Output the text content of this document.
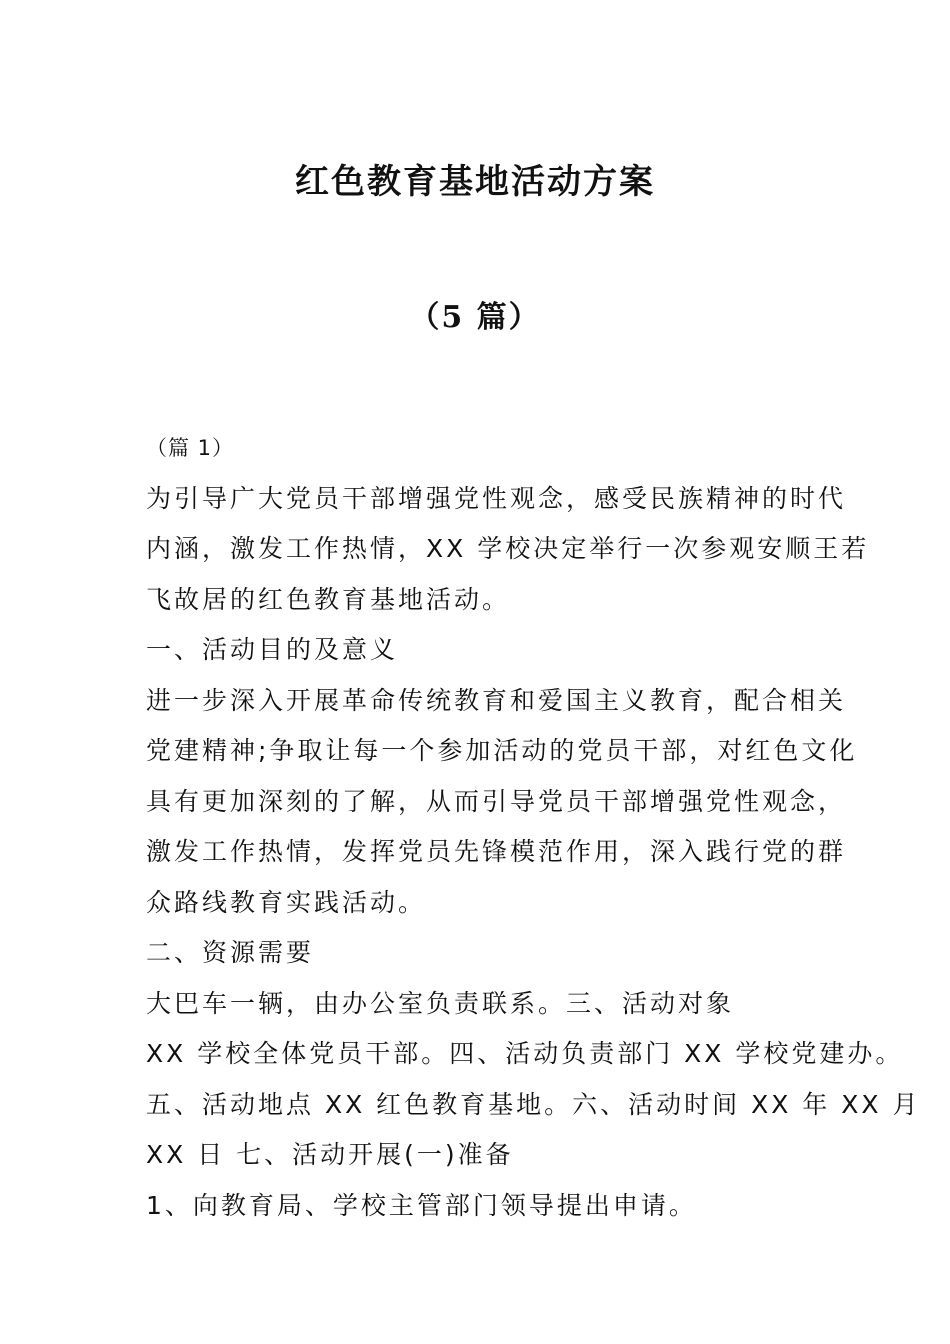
红色教育基地活动方案
（5 篇）
（篇 1）
为引导广大党员干部增强党性观念，感受民族精神的时代
内涵，激发工作热情，XX 学校决定举行一次参观安顺王若
飞故居的红色教育基地活动。
一、活动目的及意义
进一步深入开展革命传统教育和爱国主义教育，配合相关
党建精神;争取让每一个参加活动的党员干部，对红色文化
具有更加深刻的了解，从而引导党员干部增强党性观念，
激发工作热情，发挥党员先锋模范作用，深入践行党的群
众路线教育实践活动。
二、资源需要
大巴车一辆，由办公室负责联系。三、活动对象
XX 学校全体党员干部。四、活动负责部门 XX 学校党建办。
五、活动地点 XX 红色教育基地。六、活动时间 XX 年 XX 月
XX 日 七、活动开展(一)准备
1、向教育局、学校主管部门领导提出申请。
